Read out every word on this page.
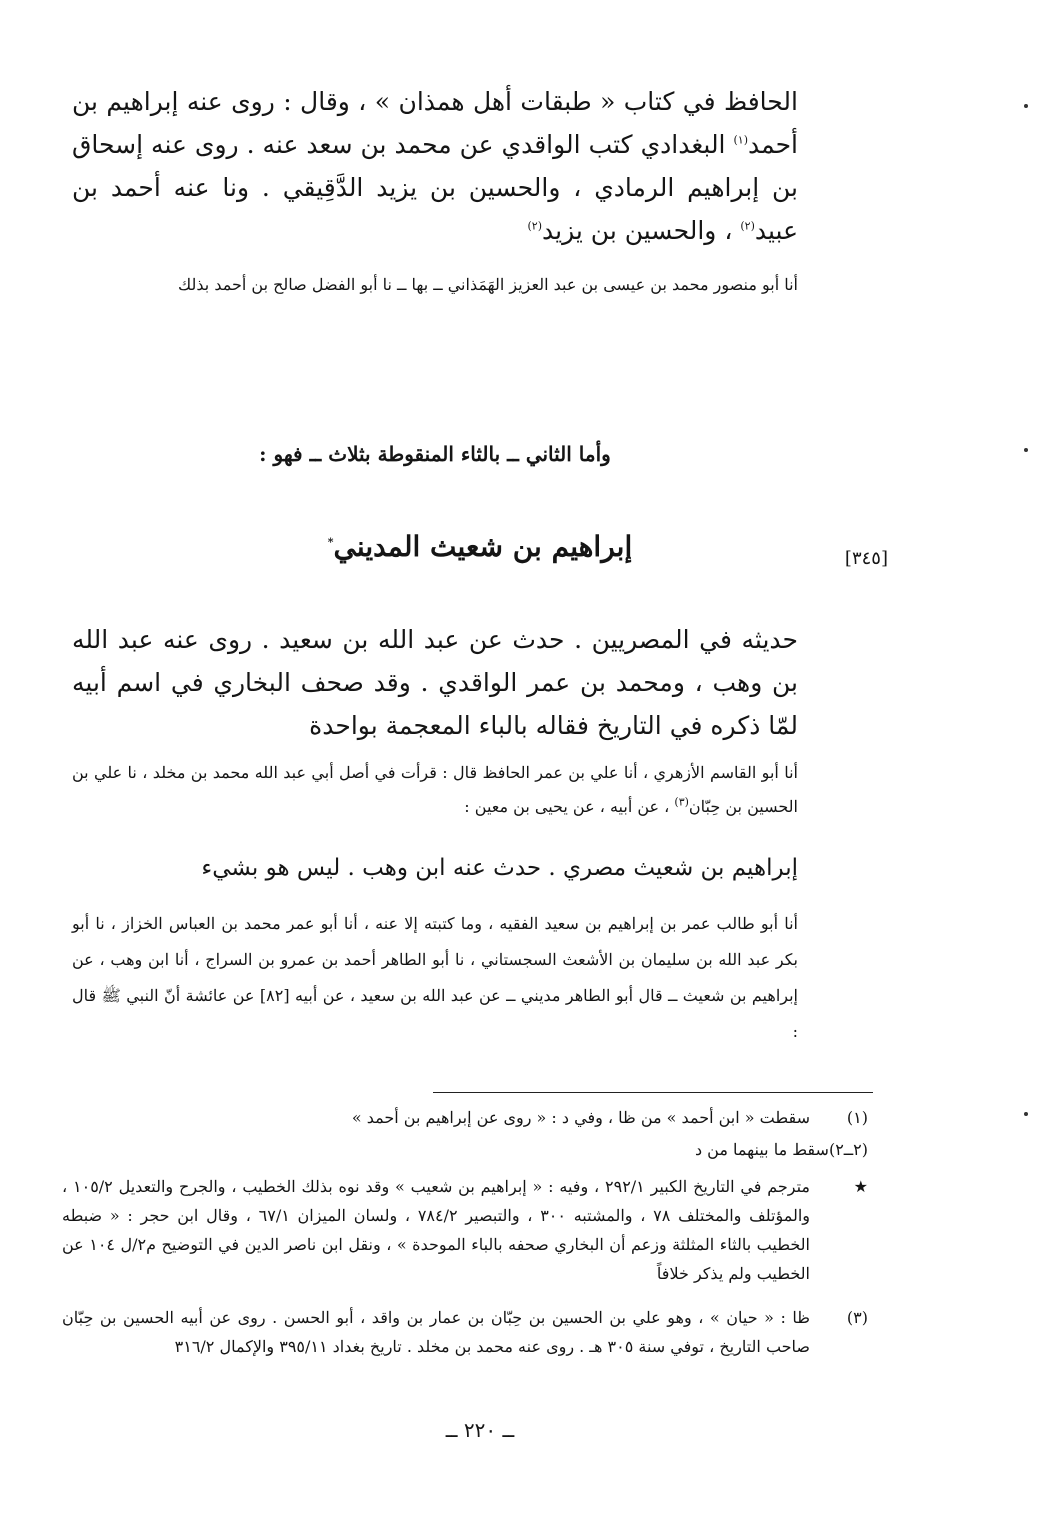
الحافظ في كتاب « طبقات أهل همذان » ، وقال : روى عنه إبراهيم بن أحمد$^{(١)}$ البغدادي كتب الواقدي عن محمد بن سعد عنه . روى عنه إسحاق بن إبراهيم الرمادي ، والحسين بن يزيد الدَّقِيقي . ونا عنه أحمد بن عبيد$^{(٢)}$ ، والحسين بن يزيد$^{(٢)}$
أنا أبو منصور محمد بن عيسى بن عبد العزيز الهَمَذاني ــ بها ــ نا أبو الفضل صالح بن أحمد بذلك
وأما الثاني ــ بالثاء المنقوطة بثلاث ــ فهو :
[٣٤٥]
إبراهيم بن شعيث المديني*
حديثه في المصريين . حدث عن عبد الله بن سعيد . روى عنه عبد الله بن وهب ، ومحمد بن عمر الواقدي . وقد صحف البخاري في اسم أبيه لمّا ذكره في التاريخ فقاله بالباء المعجمة بواحدة
أنا أبو القاسم الأزهري ، أنا علي بن عمر الحافظ قال : قرأت في أصل أبي عبد الله محمد بن مخلد ، نا علي بن الحسين بن حِبّان$^{(٣)}$ ، عن أبيه ، عن يحيى بن معين :
إبراهيم بن شعيث مصري . حدث عنه ابن وهب . ليس هو بشيء
أنا أبو طالب عمر بن إبراهيم بن سعيد الفقيه ، وما كتبته إلا عنه ، أنا أبو عمر محمد بن العباس الخزاز ، نا أبو بكر عبد الله بن سليمان بن الأشعث السجستاني ، نا أبو الطاهر أحمد بن عمرو بن السراج ، أنا ابن وهب ، عن إبراهيم بن شعيث ــ قال أبو الطاهر مديني ــ عن عبد الله بن سعيد ، عن أبيه [٨٢] عن عائشة أنّ النبي ﷺ قال :
(١)
سقطت « ابن أحمد » من ظا ، وفي د : « روى عن إبراهيم بن أحمد »
(٢ــ٢)سقط ما بينهما من د
★
مترجم في التاريخ الكبير ٢٩٢/١ ، وفيه : « إبراهيم بن شعيب » وقد نوه بذلك الخطيب ، والجرح والتعديل ١٠٥/٢ ، والمؤتلف والمختلف ٧٨ ، والمشتبه ٣٠٠ ، والتبصير ٧٨٤/٢ ، ولسان الميزان ٦٧/١ ، وقال ابن حجر : « ضبطه الخطيب بالثاء المثلثة وزعم أن البخاري صحفه بالباء الموحدة » ، ونقل ابن ناصر الدين في التوضيح م٢/ل ١٠٤ عن الخطيب ولم يذكر خلافاً
(٣)
ظا : « حيان » ، وهو علي بن الحسين بن حِبّان بن عمار بن واقد ، أبو الحسن . روى عن أبيه الحسين بن حِبّان صاحب التاريخ ، توفي سنة ٣٠٥ هـ . روى عنه محمد بن مخلد . تاريخ بغداد ٣٩٥/١١ والإكمال ٣١٦/٢
ــ ٢٢٠ ــ
